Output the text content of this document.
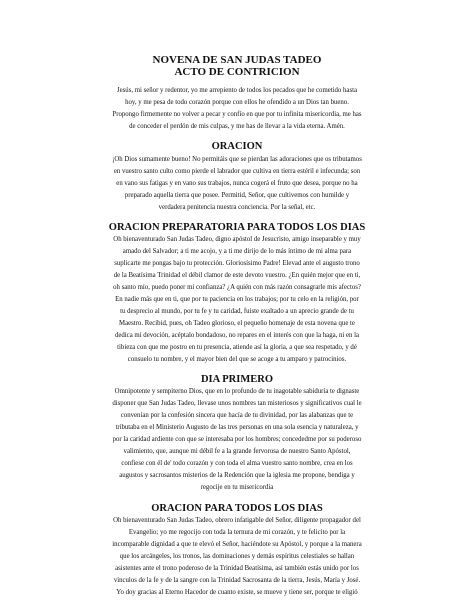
NOVENA DE SAN JUDAS TADEO
ACTO DE CONTRICION
Jesús, mi señor y redentor, yo me arrepiento de todos los pecados que he cometido hasta
hoy, y me pesa de todo corazón porque con ellos he ofendido a un Dios tan bueno.
Propongo firmemente no volver a pecar y confío en que por tu infinita misericordia, me has
de conceder el perdón de mis culpas, y me has de llevar a la vida eterna. Amén.
ORACION
¡Oh Dios sumamente bueno! No permitáis que se pierdan las adoraciones que os tributamos
en vuestro santo culto como pierde el labrador que cultiva en tierra estéril e infecunda; son
en vano sus fatigas y en vano sus trabajos, nunca cogerá el fruto que desea, porque no ha
preparado aquella tierra que posee. Permitid, Señor, que cultivemos con humilde y
verdadera penitencia nuestra conciencia. Por la señal, etc.
ORACION PREPARATORIA PARA TODOS LOS DIAS
Oh bienaventurado San Judas Tadeo, digno apóstol de Jesucristo, amigo inseparable y muy
amado del Salvador; a ti me acojo, y a ti me dirijo de lo más íntimo de mi alma para
suplicarte me pongas bajo tu protección. Gloriosísimo Padre! Elevad ante el augusto trono
de la Beatísima Trinidad el débil clamor de este devoto vuestro. ¿En quién mejor que en ti,
oh santo mío, puedo poner mi confianza? ¿A quién con más razón consagrarle mis afectos?
En nadie más que en ti, que por tu paciencia en los trabajos; por tu celo en la religión, por
tu desprecio al mundo, por tu fe y tu caridad, fuiste exaltado a un aprecio grande de tu
Maestro. Recibid, pues, oh Tadeo glorioso, el pequeño homenaje de esta novena que te
dedica mi devoción, acéptalo bondadoso, no repares en el interés con que la haga, ni en la
tibieza con que me postro en tu presencia, atiende así la gloria, a que sea respetado, y dé
consuelo tu nombre, y el mayor bien del que se acoge a tu amparo y patrocinios.
DIA PRIMERO
Omnipotente y sempiterno Dios, que en lo profundo de tu inagotable sabiduría te dignaste
disponer que San Judas Tadeo, llevase unos nombres tan misteriosos y significativos cual le
convenían por la confesión sincera que hacía de tu divinidad, por las alabanzas que te
tributaba en el Ministerio Augusto de las tres personas en una sola esencia y naturaleza, y
por la caridad ardiente con que se interesaba por los hombres; concededme por su poderoso
valimiento, que, aunque mi débil fe a la grande fervorosa de nuestro Santo Apóstol,
confiese con él de' todo corazón y con toda el alma vuestro santo nombre, crea en los
augustos y sacrosantos misterios de la Redención que la iglesia me propone, bendiga y
regocije en tu misericordia
ORACION PARA TODOS LOS DIAS
Oh bienaventurado San Judas Tadeo, obrero infatigable del Señor, diligente propagador del
Evangelio; yo me regocijo con toda la ternura de mi corazón, y te felicito por la
incomparable dignidad a que te elevó el Señor, haciéndote su Apóstol, y porque a la manera
que los arcángeles, los tronos, las dominaciones y demás espíritus celestiales se hallan
asistentes ante el trono poderoso de la Trinidad Beatísima, así también estás unido por los
vínculos de la fe y de la sangre con la Trinidad Sacrosanta de la tierra, Jesús, María y José.
Yo doy gracias al Eterno Hacedor de cuanto existe, se mueve y tiene ser, porque te eligió
